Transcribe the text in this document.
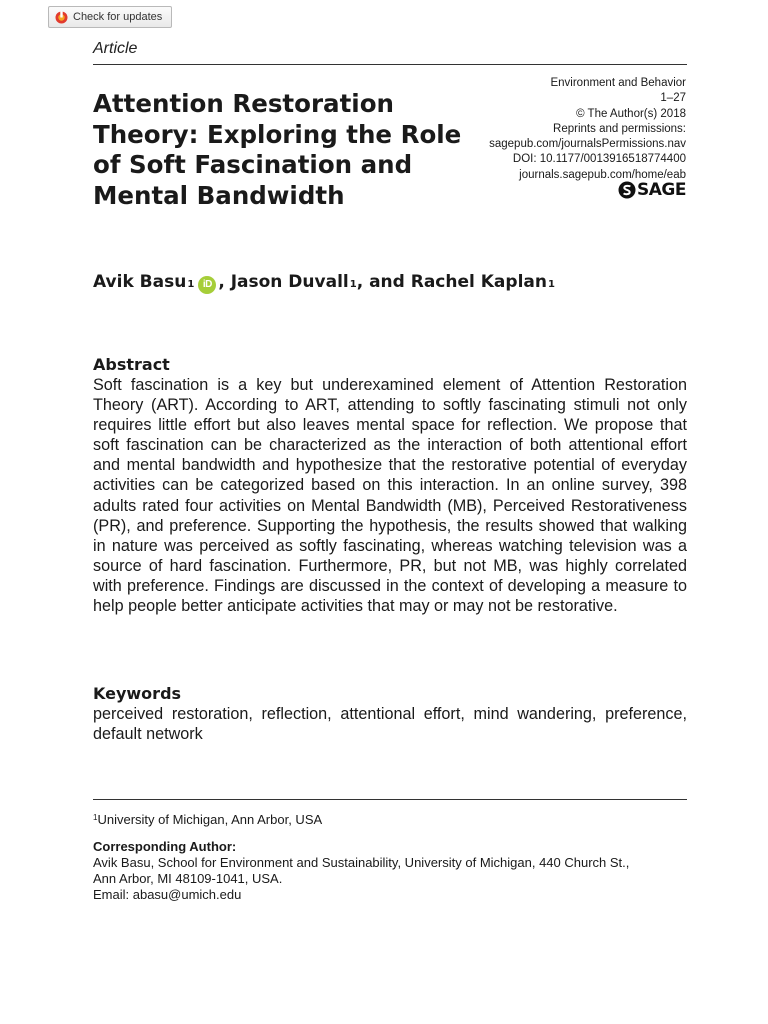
Check for updates
Article
Attention Restoration Theory: Exploring the Role of Soft Fascination and Mental Bandwidth
Environment and Behavior
1–27
© The Author(s) 2018
Reprints and permissions:
sagepub.com/journalsPermissions.nav
DOI: 10.1177/0013916518774400
journals.sagepub.com/home/eab
SAGE
Avik Basu 1 iD , Jason Duvall 1 , and Rachel Kaplan 1
Abstract

Soft fascination is a key but underexamined element of Attention Restoration Theory (ART). According to ART, attending to softly fascinating stimuli not only requires little effort but also leaves mental space for reflection. We propose that soft fascination can be characterized as the interaction of both attentional effort and mental bandwidth and hypothesize that the restorative potential of everyday activities can be categorized based on this interaction. In an online survey, 398 adults rated four activities on Mental Bandwidth (MB), Perceived Restorativeness (PR), and preference. Supporting the hypothesis, the results showed that walking in nature was perceived as softly fascinating, whereas watching television was a source of hard fascination. Furthermore, PR, but not MB, was highly correlated with preference. Findings are discussed in the context of developing a measure to help people better anticipate activities that may or may not be restorative.

Keywords

perceived restoration, reflection, attentional effort, mind wandering, preference, default network

$^1$University of Michigan, Ann Arbor, USA
Corresponding Author:
Avik Basu, School for Environment and Sustainability, University of Michigan, 440 Church St.,
Ann Arbor, MI 48109-1041, USA.
Email: abasu@umich.edu
